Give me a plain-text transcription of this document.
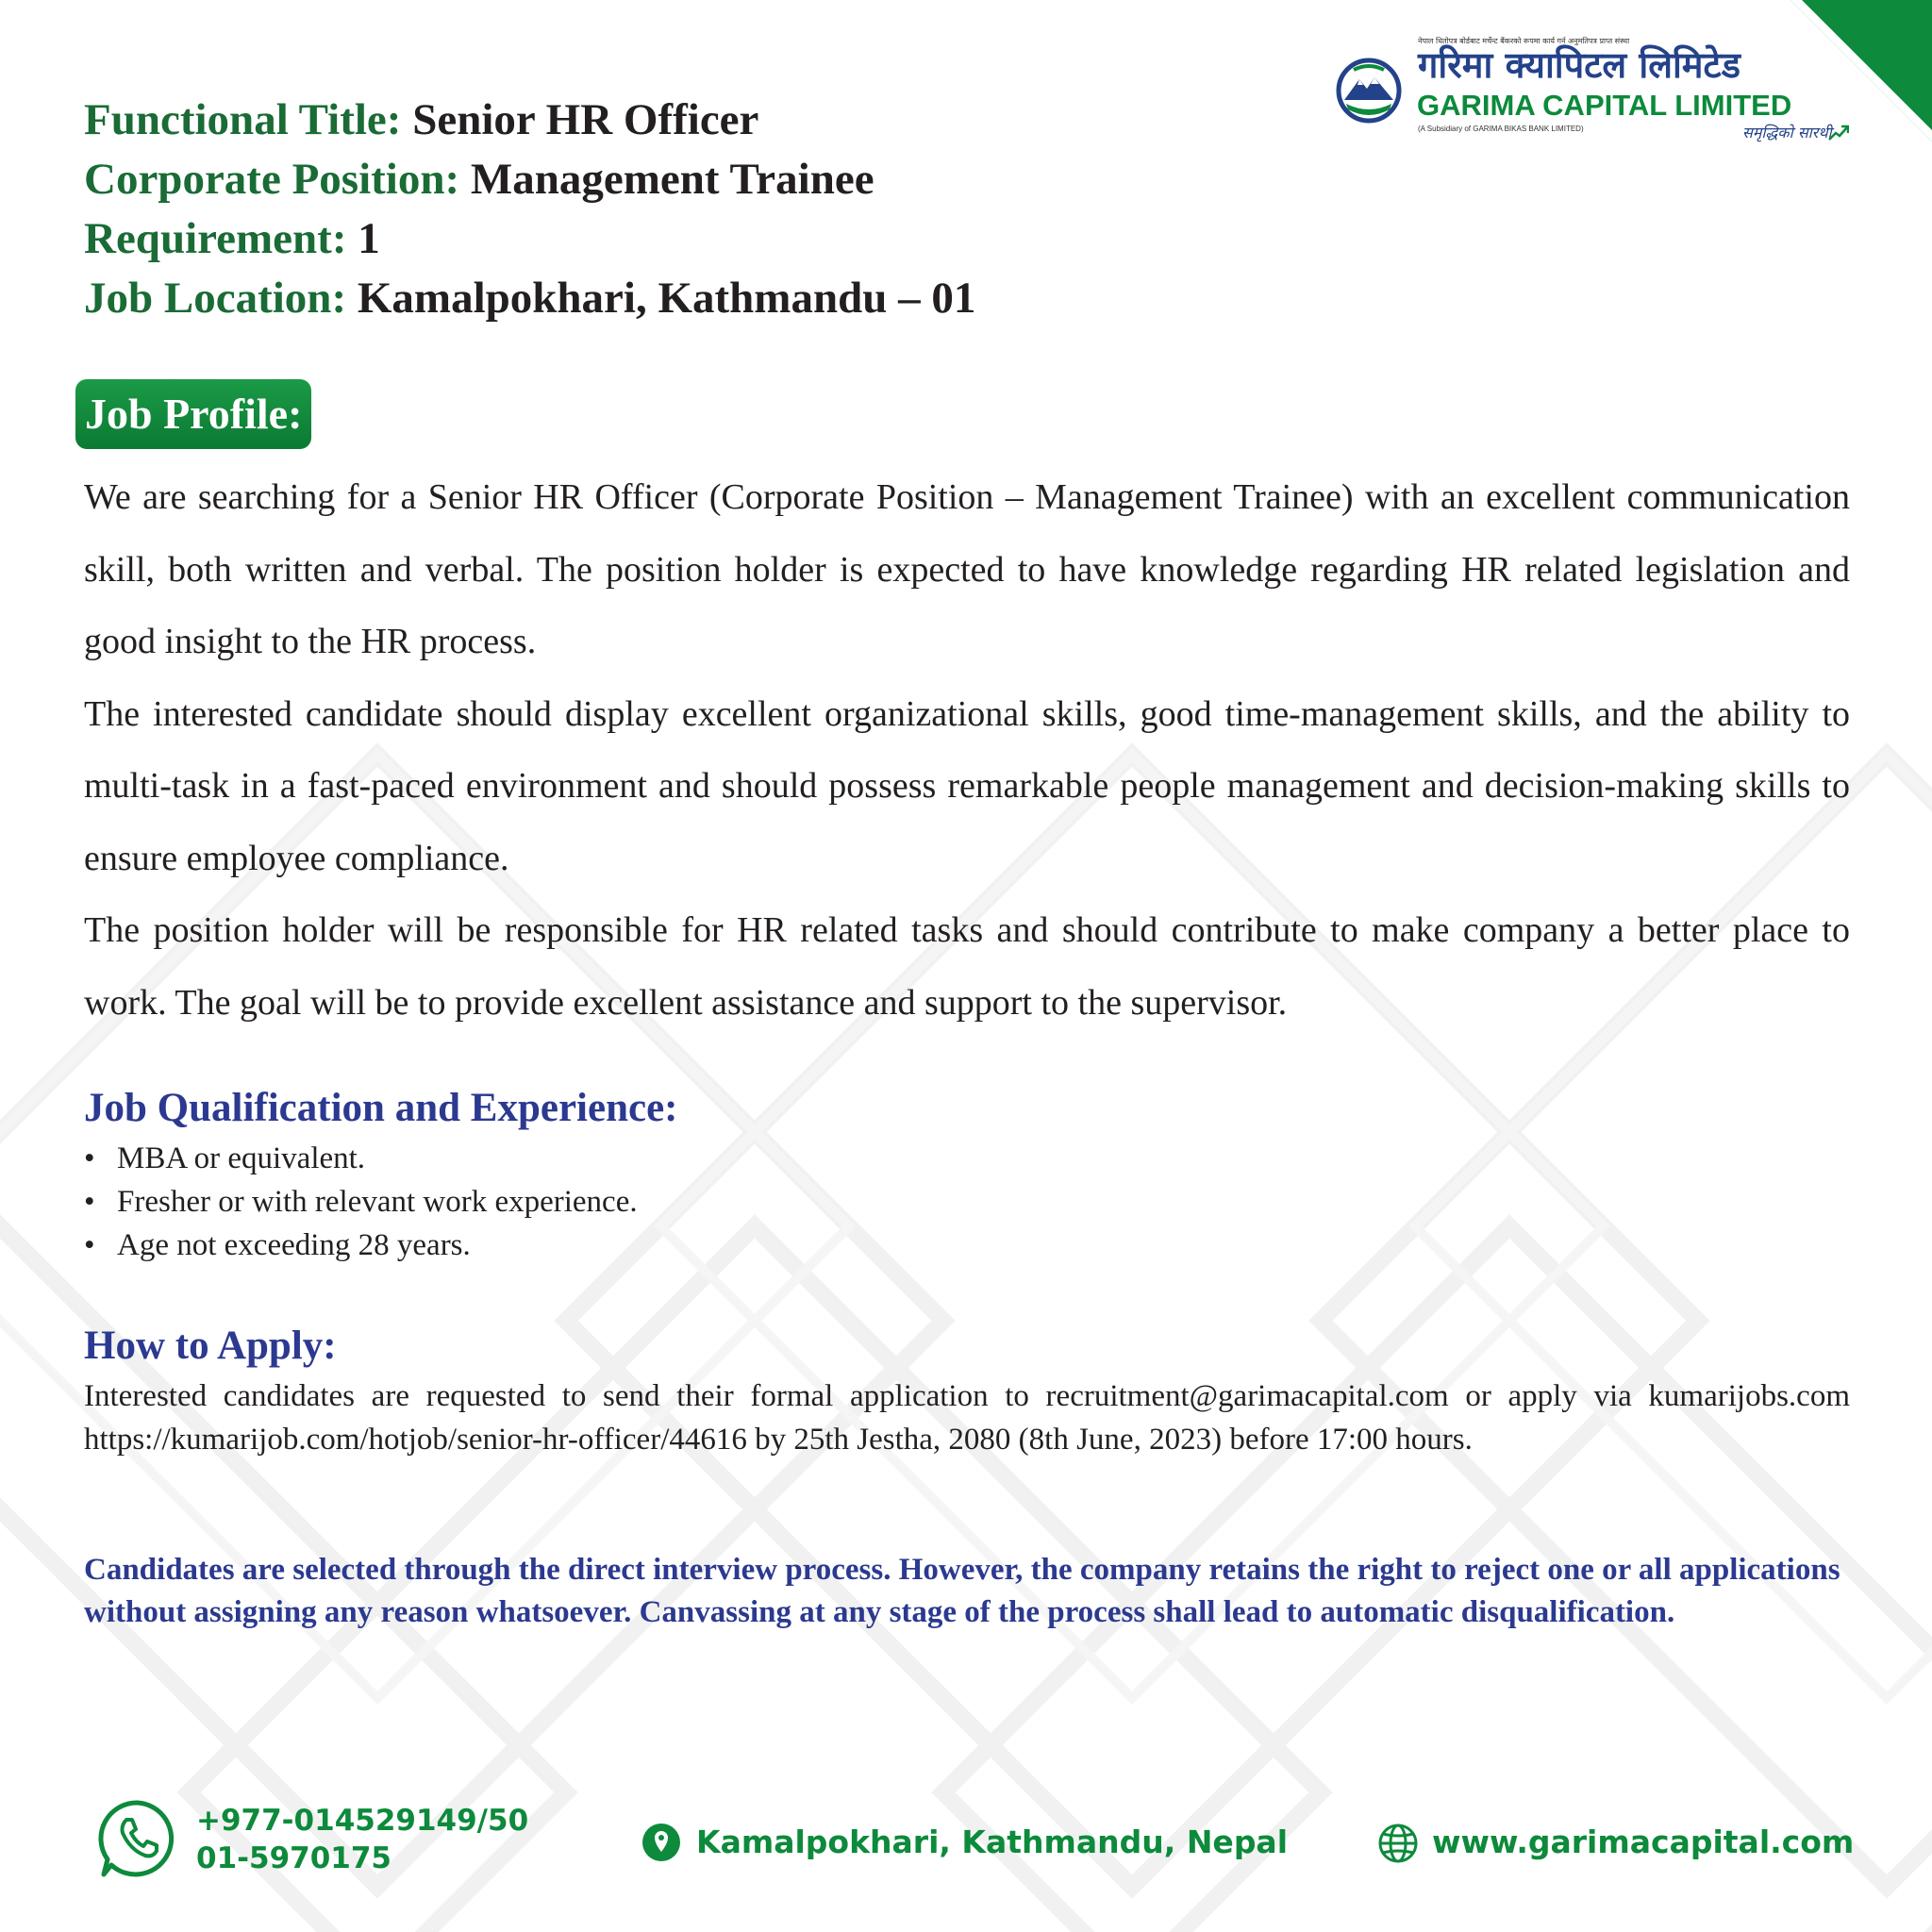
नेपाल धितोपत्र बोर्डबाट मर्चेन्ट बैंकरको रूपमा कार्य गर्न अनुमतिपत्र प्राप्त संस्था
गरिमा क्यापिटल लिमिटेड
GARIMA CAPITAL LIMITED
(A Subsidiary of GARIMA BIKAS BANK LIMITED)	समृद्धिको सारथी
Functional Title: Senior HR Officer
Corporate Position: Management Trainee
Requirement: 1
Job Location: Kamalpokhari, Kathmandu – 01
Job Profile:

We are searching for a Senior HR Officer (Corporate Position – Management Trainee) with an excellent communication skill, both written and verbal. The position holder is expected to have knowledge regarding HR related legislation and good insight to the HR process.

The interested candidate should display excellent organizational skills, good time-management skills, and the ability to multi-task in a fast-paced environment and should possess remarkable people management and decision-making skills to ensure employee compliance.

The position holder will be responsible for HR related tasks and should contribute to make company a better place to work. The goal will be to provide excellent assistance and support to the supervisor.

Job Qualification and Experience:
• MBA or equivalent.
• Fresher or with relevant work experience.
• Age not exceeding 28 years.
How to Apply:

Interested candidates are requested to send their formal application to recruitment@garimacapital.com or apply via kumarijobs.com https://kumarijob.com/hotjob/senior-hr-officer/44616 by 25th Jestha, 2080 (8th June, 2023) before 17:00 hours.

Candidates are selected through the direct interview process. However, the company retains the right to reject one or all applications without assigning any reason whatsoever. Canvassing at any stage of the process shall lead to automatic disqualification.

+977-014529149/50
01-5970175	Kamalpokhari, Kathmandu, Nepal	www.garimacapital.com
